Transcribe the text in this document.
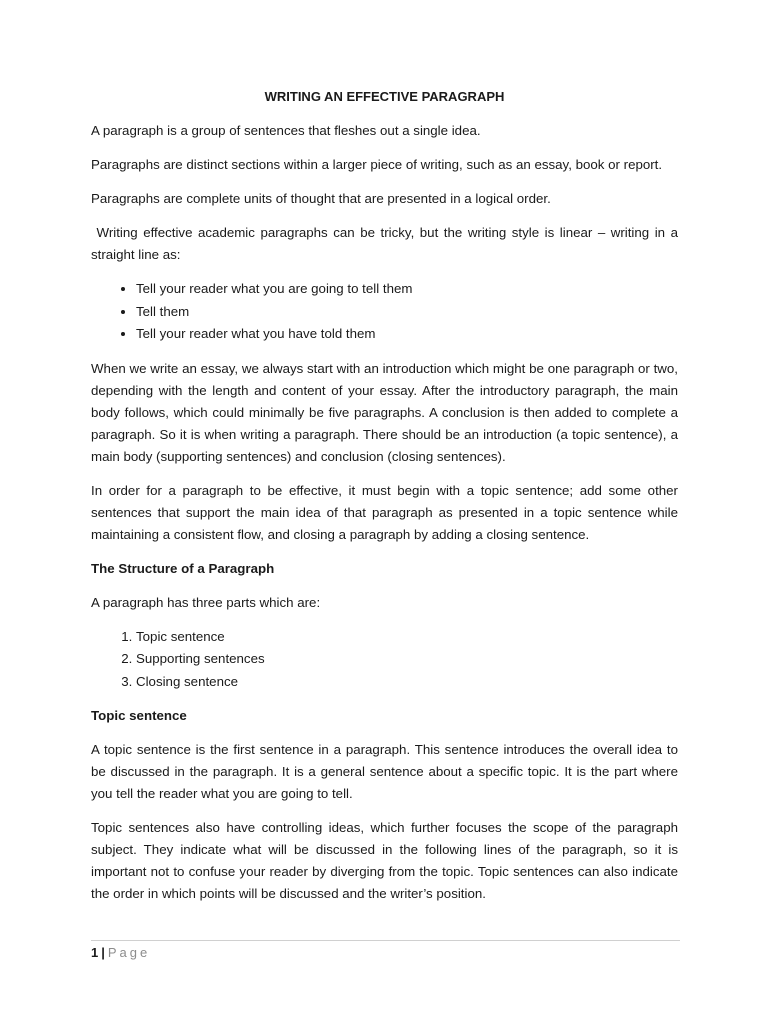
WRITING AN EFFECTIVE PARAGRAPH

A paragraph is a group of sentences that fleshes out a single idea.

Paragraphs are distinct sections within a larger piece of writing, such as an essay, book or report.

Paragraphs are complete units of thought that are presented in a logical order.

Writing effective academic paragraphs can be tricky, but the writing style is linear – writing in a straight line as:

• Tell your reader what you are going to tell them
• Tell them
• Tell your reader what you have told them

When we write an essay, we always start with an introduction which might be one paragraph or two, depending with the length and content of your essay. After the introductory paragraph, the main body follows, which could minimally be five paragraphs. A conclusion is then added to complete a paragraph. So it is when writing a paragraph. There should be an introduction (a topic sentence), a main body (supporting sentences) and conclusion (closing sentences).

In order for a paragraph to be effective, it must begin with a topic sentence; add some other sentences that support the main idea of that paragraph as presented in a topic sentence while maintaining a consistent flow, and closing a paragraph by adding a closing sentence.

The Structure of a Paragraph

A paragraph has three parts which are:

1. Topic sentence
2. Supporting sentences
3. Closing sentence
Topic sentence

A topic sentence is the first sentence in a paragraph. This sentence introduces the overall idea to be discussed in the paragraph. It is a general sentence about a specific topic. It is the part where you tell the reader what you are going to tell.

Topic sentences also have controlling ideas, which further focuses the scope of the paragraph subject. They indicate what will be discussed in the following lines of the paragraph, so it is important not to confuse your reader by diverging from the topic. Topic sentences can also indicate the order in which points will be discussed and the writer’s position.

1 | Page
